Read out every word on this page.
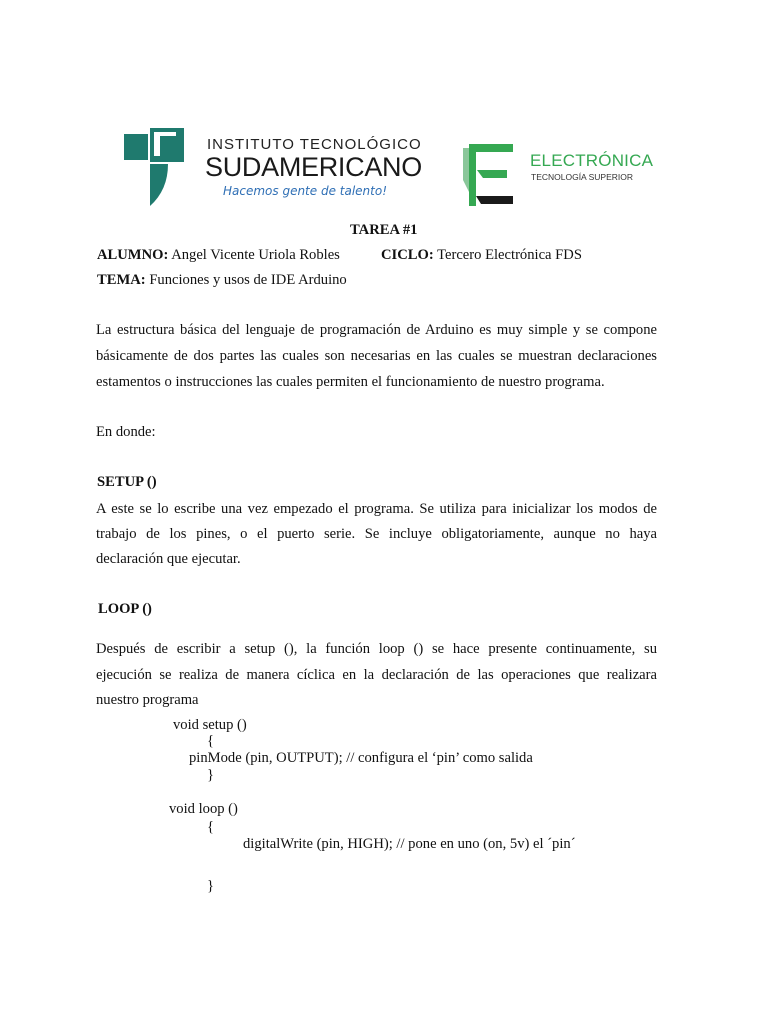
INSTITUTO TECNOLÓGICO
SUDAMERICANO
Hacemos gente de talento!
ELECTRÓNICA
TECNOLOGÍA SUPERIOR
TAREA #1
ALUMNO: Angel Vicente Uriola Robles	CICLO: Tercero Electrónica FDS
TEMA: Funciones y usos de IDE Arduino
La estructura básica del lenguaje de programación de Arduino es muy simple y se compone
básicamente de dos partes las cuales son necesarias en las cuales se muestran declaraciones
estamentos o instrucciones las cuales permiten el funcionamiento de nuestro programa.
En donde:
SETUP ()
A este se lo escribe una vez empezado el programa. Se utiliza para inicializar los modos de
trabajo de los pines, o el puerto serie. Se incluye obligatoriamente, aunque no haya
declaración que ejecutar.
LOOP ()
Después de escribir a setup (), la función loop () se hace presente continuamente, su
ejecución se realiza de manera cíclica en la declaración de las operaciones que realizara
nuestro programa
void setup ()
{
pinMode (pin, OUTPUT); // configura el ‘pin’ como salida
}
void loop ()
{
digitalWrite (pin, HIGH); // pone en uno (on, 5v) el ´pin´
}
